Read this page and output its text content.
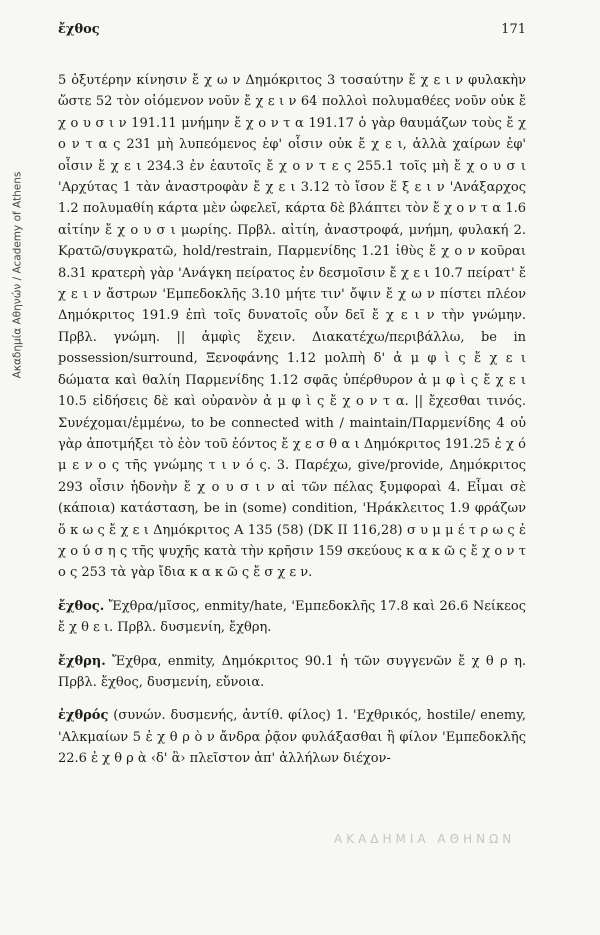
Ακαδημία Αθηνών / Academy of Athens
ἔχθος	171

5 ὀξυτέρην κίνησιν ἔ χ ω ν Δημόκριτος 3 τοσαύτην ἔ χ ε ι ν φυλακὴν ὥστε 52 τὸν οἰόμενον νοῦν ἔ χ ε ι ν 64 πολλοὶ πολυμαθέες νοῦν οὐκ ἔ χ ο υ σ ι ν 191.11 μνήμην ἔ χ ο ν τ α 191.17 ὁ γὰρ θαυμάζων τοὺς ἔ χ ο ν τ α ς 231 μὴ λυπεόμενος ἐφ' οἷσιν οὐκ ἔ χ ε ι, ἀλλὰ χαίρων ἐφ' οἷσιν ἔ χ ε ι 234.3 ἐν ἑαυτοῖς ἔ χ ο ν τ ε ς 255.1 τοῖς μὴ ἔ χ ο υ σ ι 'Αρχύτας 1 τὰν ἀναστροφὰν ἔ χ ε ι 3.12 τὸ ἴσον ἕ ξ ε ι ν 'Ανάξαρχος 1.2 πολυμαθίη κάρτα μὲν ὠφελεῖ, κάρτα δὲ βλάπτει τὸν ἔ χ ο ν τ α 1.6 αἰτίην ἔ χ ο υ σ ι μωρίης. Πρβλ. αἰτίη, ἀναστροφά, μνήμη, φυλακή 2. Κρατῶ/συγκρατῶ, hold/restrain, Παρμενίδης 1.21 ἰθὺς ἔ χ ο ν κοῦραι 8.31 κρατερὴ γὰρ 'Ανάγκη πείρατος ἐν δεσμοῖσιν ἔ χ ε ι 10.7 πείρατ' ἔ χ ε ι ν ἄστρων 'Εμπεδοκλῆς 3.10 μήτε τιν' ὄψιν ἔ χ ω ν πίστει πλέον Δημόκριτος 191.9 ἐπὶ τοῖς δυνατοῖς οὖν δεῖ ἔ χ ε ι ν τὴν γνώμην. Πρβλ. γνώμη. || ἀμφὶς ἔχειν. Διακατέχω/περιβάλλω, be in possession/surround, Ξενοφάνης 1.12 μολπὴ δ' ἀ μ φ ὶ ς ἔ χ ε ι δώματα καὶ θαλίη Παρμενίδης 1.12 σφᾶς ὑπέρθυρον ἀ μ φ ὶ ς ἔ χ ε ι 10.5 εἰδήσεις δὲ καὶ οὐρανὸν ἀ μ φ ὶ ς ἔ χ ο ν τ α. || ἔχεσθαι τινός. Συνέχομαι/ἐμμένω, to be connected with / maintain/Παρμενίδης 4 οὐ γὰρ ἀποτμήξει τὸ ἐὸν τοῦ ἐόντος ἔ χ ε σ θ α ι Δημόκριτος 191.25 ἐ χ ό μ ε ν ο ς τῆς γνώμης τ ι ν ό ς. 3. Παρέχω, give/provide, Δημόκριτος 293 οἷσιν ἡδονὴν ἔ χ ο υ σ ι ν αἱ τῶν πέλας ξυμφοραὶ 4. Εἶμαι σὲ (κάποια) κατάσταση, be in (some) condition, 'Ηράκλειτος 1.9 φράζων ὅ κ ω ς ἔ χ ε ι Δημόκριτος Α 135 (58) (DK II 116,28) σ υ μ μ έ τ ρ ω ς ἐ χ ο ύ σ η ς τῆς ψυχῆς κατὰ τὴν κρῆσιν 159 σκεύους κ α κ ῶ ς ἔ χ ο ν τ ο ς 253 τὰ γὰρ ἴδια κ α κ ῶ ς ἔ σ χ ε ν.

ἔχθος. Ἔχθρα/μῖσος, enmity/hate, 'Εμπεδοκλῆς 17.8 καὶ 26.6 Νείκεος ἔ χ θ ε ι. Πρβλ. δυσμενίη, ἔχθρη.

ἔχθρη. Ἔχθρα, enmity, Δημόκριτος 90.1 ἡ τῶν συγγενῶν ἔ χ θ ρ η. Πρβλ. ἔχθος, δυσμενίη, εὔνοια.

ἐχθρός (συνών. δυσμενής, ἀντίθ. φίλος) 1. 'Εχθρικός, hostile/ enemy, 'Αλκμαίων 5 ἐ χ θ ρ ὸ ν ἄνδρα ῥᾷον φυλάξασθαι ἢ φίλον 'Εμπεδοκλῆς 22.6 ἐ χ θ ρ ὰ ‹δ' ἃ› πλεῖστον ἀπ' ἀλλήλων διέχον-

ΑΚΑΔΗΜΙΑ ΑΘΗΝΩΝ
